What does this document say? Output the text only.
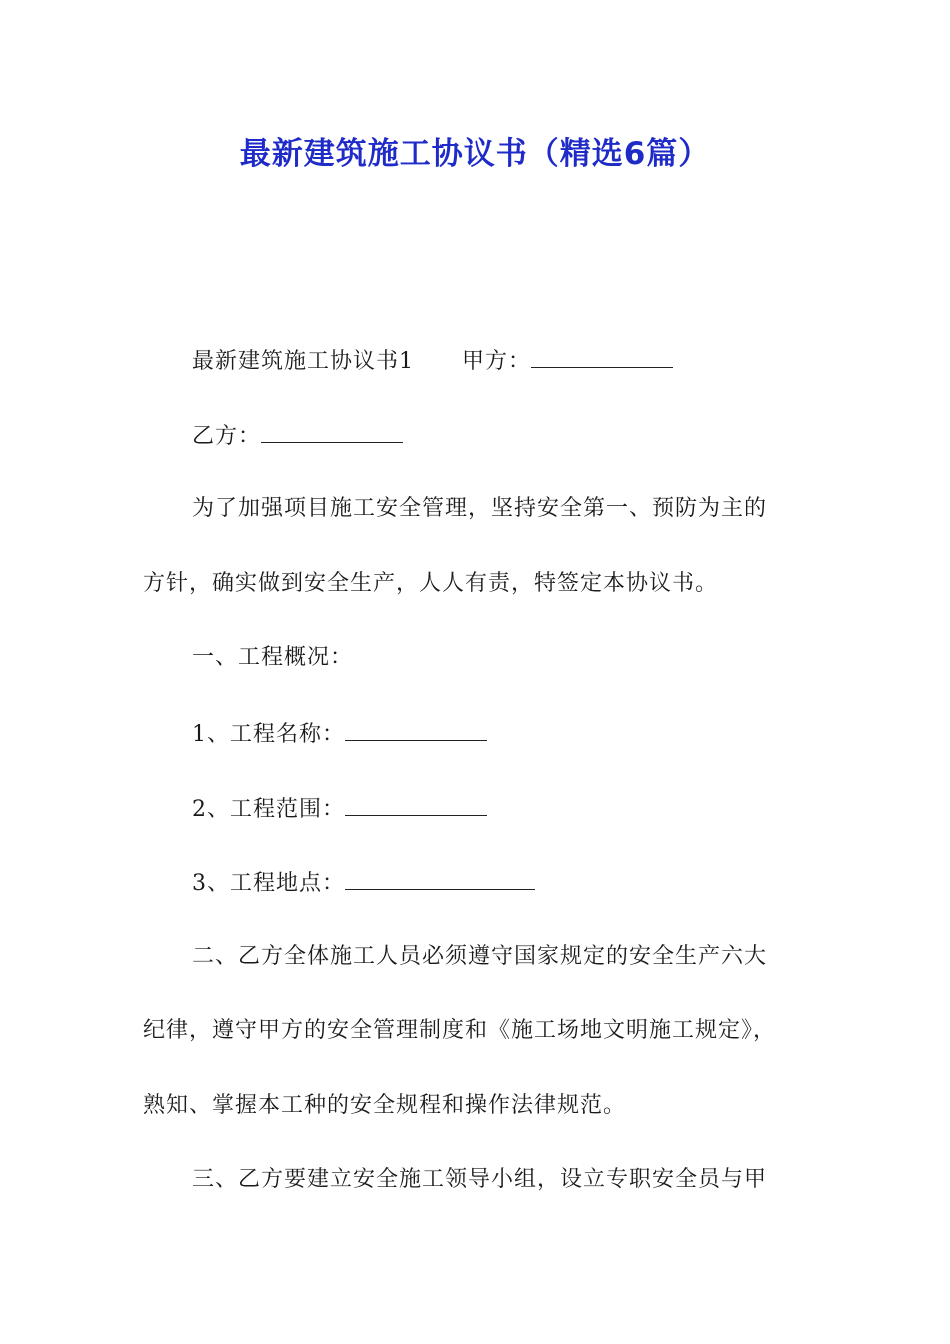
最新建筑施工协议书（精选6篇）
最新建筑施工协议书1 甲方：
乙方：
为了加强项目施工安全管理，坚持安全第一、预防为主的
方针，确实做到安全生产，人人有责，特签定本协议书。
一、工程概况：
1、工程名称：
2、工程范围：
3、工程地点：
二、乙方全体施工人员必须遵守国家规定的安全生产六大
纪律，遵守甲方的安全管理制度和《施工场地文明施工规定》，
熟知、掌握本工种的安全规程和操作法律规范。
三、乙方要建立安全施工领导小组，设立专职安全员与甲
